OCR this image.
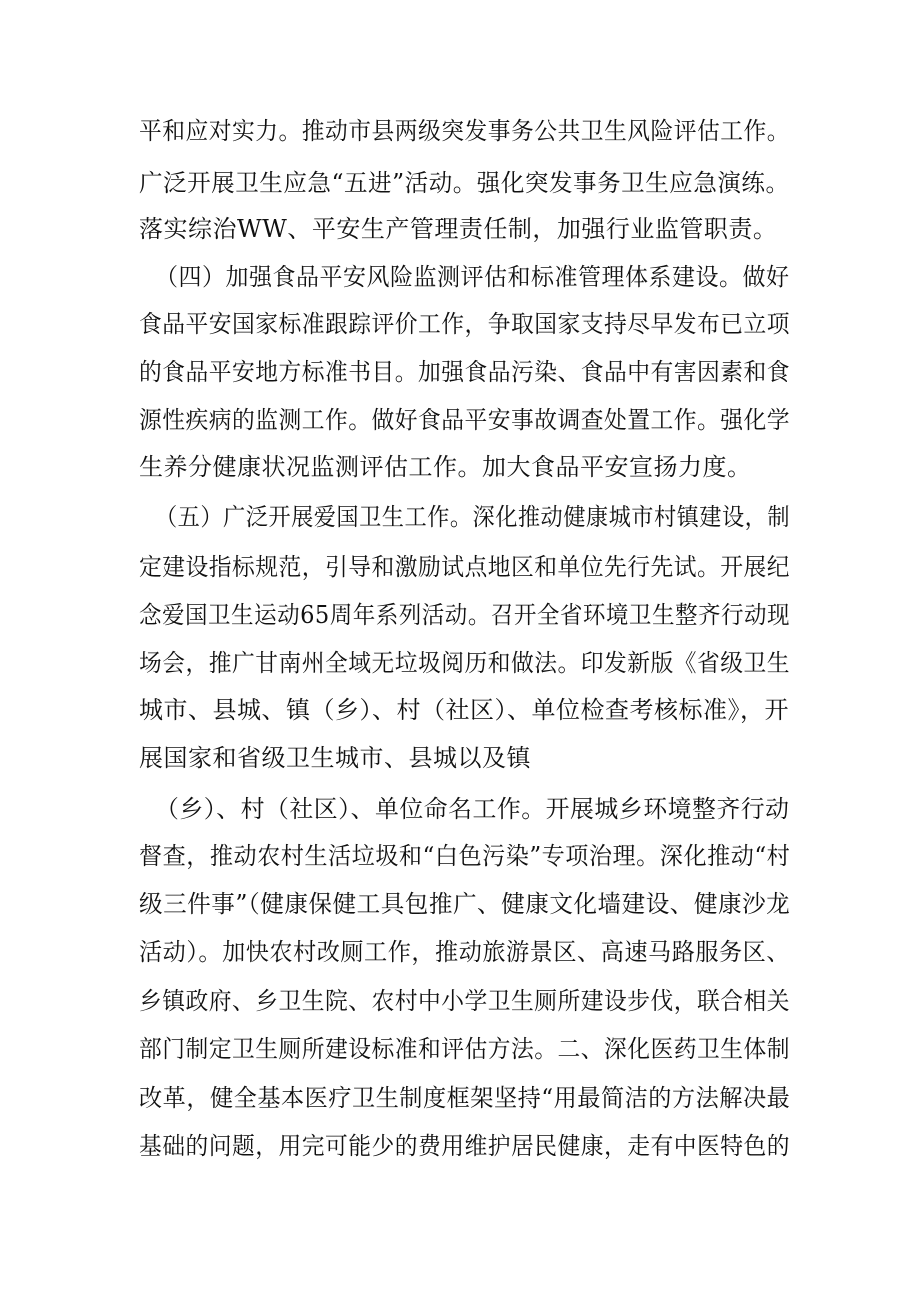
平和应对实力。推动市县两级突发事务公共卫生风险评估工作。
广泛开展卫生应急“五进”活动。强化突发事务卫生应急演练。
落实综治WW、平安生产管理责任制，加强行业监管职责。
（四）加强食品平安风险监测评估和标准管理体系建设。做好
食品平安国家标准跟踪评价工作，争取国家支持尽早发布已立项
的食品平安地方标准书目。加强食品污染、食品中有害因素和食
源性疾病的监测工作。做好食品平安事故调查处置工作。强化学
生养分健康状况监测评估工作。加大食品平安宣扬力度。
（五）广泛开展爱国卫生工作。深化推动健康城市村镇建设，制
定建设指标规范，引导和激励试点地区和单位先行先试。开展纪
念爱国卫生运动65周年系列活动。召开全省环境卫生整齐行动现
场会，推广甘南州全域无垃圾阅历和做法。印发新版《省级卫生
城市、县城、镇（乡）、村（社区）、单位检查考核标准》，开
展国家和省级卫生城市、县城以及镇
（乡）、村（社区）、单位命名工作。开展城乡环境整齐行动
督查，推动农村生活垃圾和“白色污染”专项治理。深化推动“村
级三件事”（健康保健工具包推广、健康文化墙建设、健康沙龙
活动）。加快农村改厕工作，推动旅游景区、高速马路服务区、
乡镇政府、乡卫生院、农村中小学卫生厕所建设步伐，联合相关
部门制定卫生厕所建设标准和评估方法。二、深化医药卫生体制
改革，健全基本医疗卫生制度框架坚持“用最简洁的方法解决最
基础的问题，用完可能少的费用维护居民健康，走有中医特色的
